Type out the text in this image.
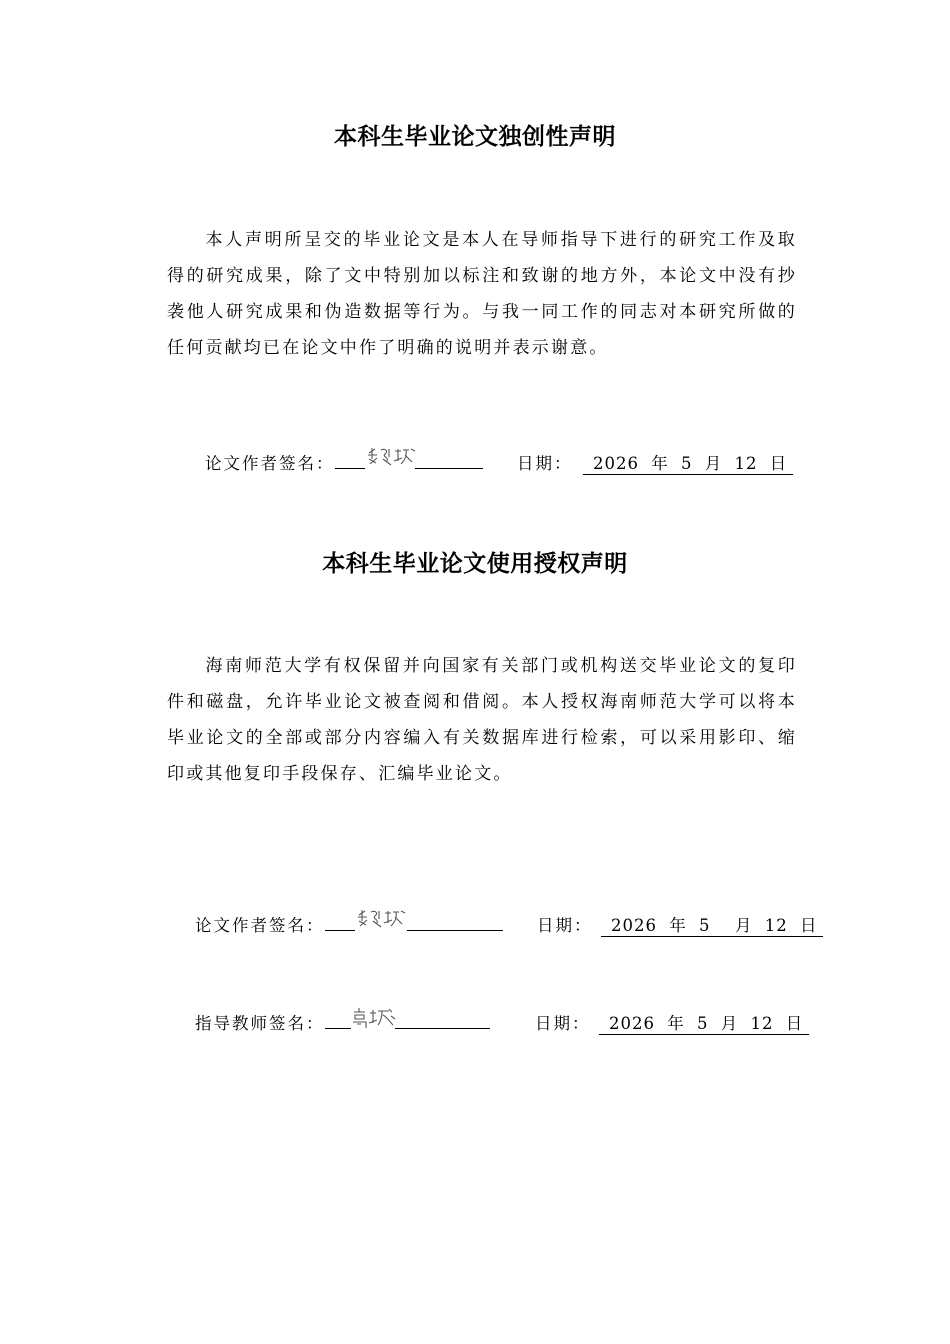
本科生毕业论文独创性声明
本人声明所呈交的毕业论文是本人在导师指导下进行的研究工作及取得的研究成果，除了文中特别加以标注和致谢的地方外，本论文中没有抄袭他人研究成果和伪造数据等行为。与我一同工作的同志对本研究所做的任何贡献均已在论文中作了明确的说明并表示谢意。
论文作者签名：	日期：	2026 年 5 月 12 日
本科生毕业论文使用授权声明
海南师范大学有权保留并向国家有关部门或机构送交毕业论文的复印件和磁盘，允许毕业论文被查阅和借阅。本人授权海南师范大学可以将本毕业论文的全部或部分内容编入有关数据库进行检索，可以采用影印、缩印或其他复印手段保存、汇编毕业论文。
论文作者签名：	日期：	2026 年 5  月 12 日
指导教师签名：	日期：	2026 年 5 月 12 日
